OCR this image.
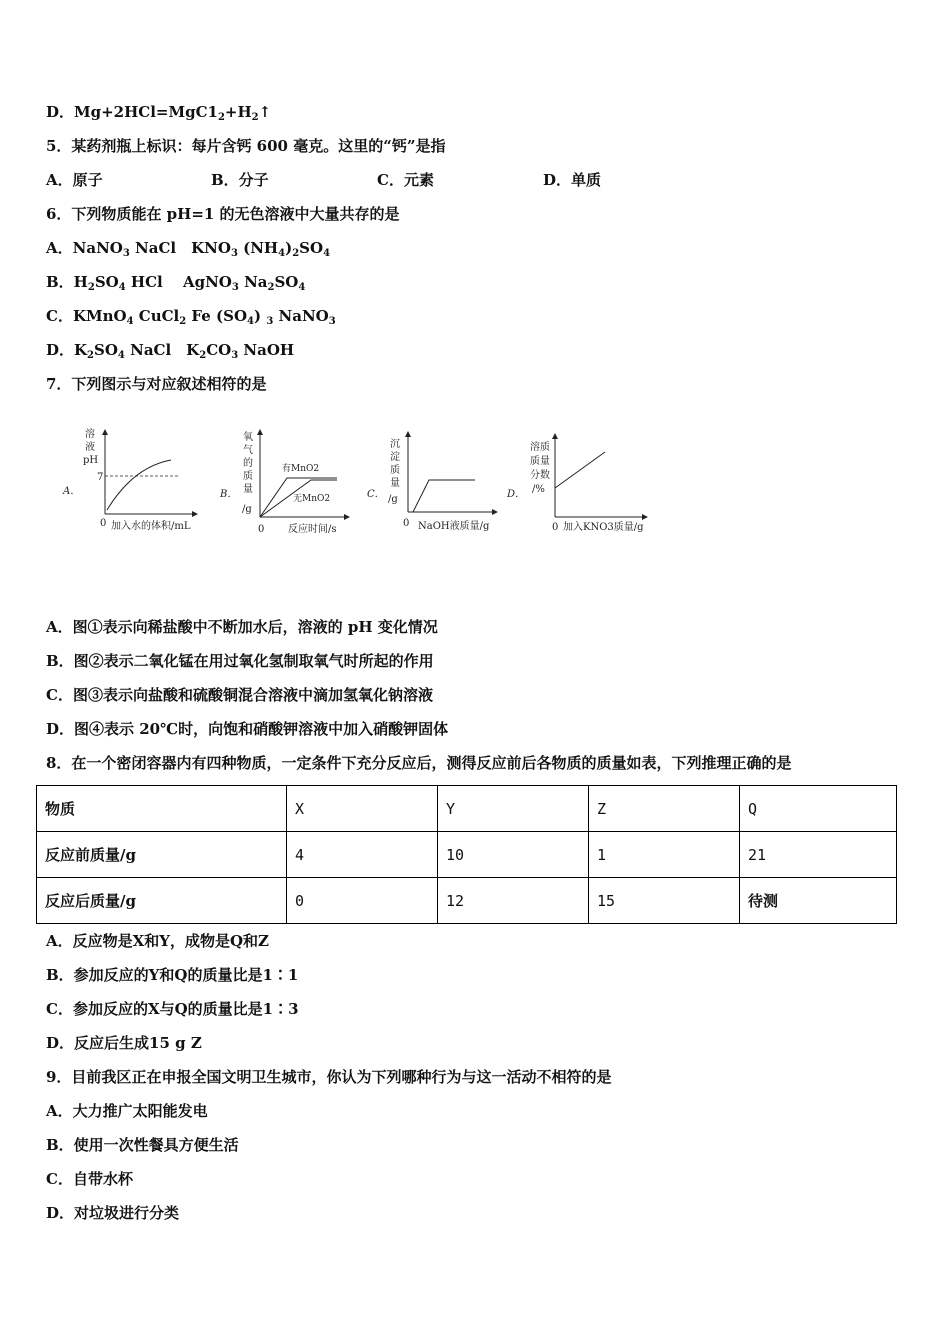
D．$Mg+2HCl=MgC1_2+H_2↑$
5．某药剂瓶上标识：每片含钙 600 毫克。这里的“钙”是指
A．原子	B．分子	C．元素	D．单质
6．下列物质能在 pH=1 的无色溶液中大量共存的是
A．NaNO$_3$ NaCl　$KNO_3$ $(NH_4)_2SO_4$
B．$H_2SO_4$ HCl　 AgNO$_3$ $Na_2SO_4$
C．KMnO$_4$ CuCl$_2$ Fe $(SO_4)$ $_3$ NaNO$_3$
D．$K_2SO_4$ NaCl　$K_2CO_3$ NaOH
7．下列图示与对应叙述相符的是
A．
溶
液
pH
7
0 加入水的体积/mL
B．
氧
气
的
质
量
/g
有MnO2
无MnO2
0 反应时间/s
C．
沉
淀
质
量
/g
0 NaOH液质量/g
D．
溶质
质量
分数
/%
0 加入KNO3质量/g
A．图①表示向稀盐酸中不断加水后，溶液的 pH 变化情况
B．图②表示二氧化锰在用过氧化氢制取氧气时所起的作用
C．图③表示向盐酸和硫酸铜混合溶液中滴加氢氧化钠溶液
D．图④表示 20℃时，向饱和硝酸钾溶液中加入硝酸钾固体
8．在一个密闭容器内有四种物质，一定条件下充分反应后，测得反应前后各物质的质量如表，下列推理正确的是
物质	X	Y	Z	Q
反应前质量/g	4	10	1	21
反应后质量/g	0	12	15	待测
A．反应物是X和Y，成物是Q和Z
B．参加反应的Y和Q的质量比是1∶1
C．参加反应的X与Q的质量比是1∶3
D．反应后生成15 g Z
9．目前我区正在申报全国文明卫生城市，你认为下列哪种行为与这一活动不相符的是
A．大力推广太阳能发电
B．使用一次性餐具方便生活
C．自带水杯
D．对垃圾进行分类
